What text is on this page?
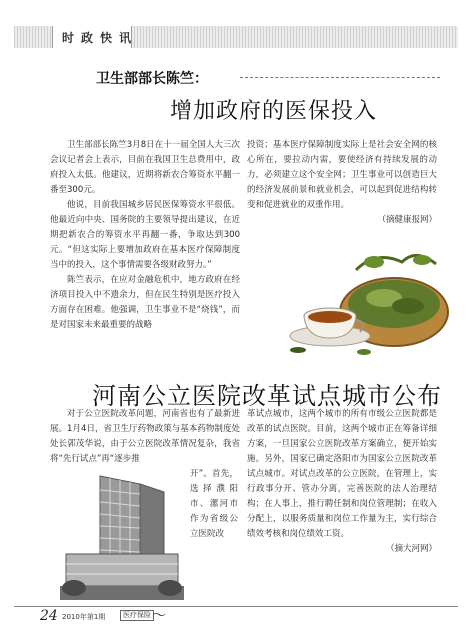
时政快讯
卫生部部长陈竺：
增加政府的医保投入

卫生部部长陈竺3月8日在十一届全国人大三次会议记者会上表示，目前在我国卫生总费用中，政府投入太低。他建议，近期将新农合筹资水平翻一番至300元。

他说，目前我国城乡居民医保筹资水平很低。他最近向中央、国务院的主要领导提出建议，在近期把新农合的筹资水平再翻一番，争取达到300元。“但这实际上要增加政府在基本医疗保障制度当中的投入，这个事情需要各级财政努力。”

陈竺表示，在应对金融危机中，地方政府在经济项目投入中不遗余力，但在民生特别是医疗投入方面存在困难。他强调，卫生事业不是“烧钱”，而是对国家未来最重要的战略

投资；基本医疗保障制度实际上是社会安全网的核心所在，要拉动内需，要使经济有持续发展的动力，必须建立这个安全网；卫生事业可以创造巨大的经济发展前景和就业机会，可以起到促进结构转变和促进就业的双重作用。

（摘健康报网）
河南公立医院改革试点城市公布

对于公立医院改革问题，河南省也有了最新进展。1月4日，省卫生厅药物政策与基本药物制度处处长郭茂华说，由于公立医院改革情况复杂，我省将“先行试点”再“逐步推

开”。首先，选择濮阳市、漯河市作为省级公立医院改

革试点城市，这两个城市的所有市级公立医院都是改革的试点医院。目前，这两个城市正在筹备详细方案，一旦国家公立医院改革方案确立，便开始实施。另外，国家已确定洛阳市为国家公立医院改革试点城市。对试点改革的公立医院，在管理上，实行政事分开、管办分离，完善医院的法人治理结构；在人事上，推行聘任制和岗位管理制；在收入分配上，以服务质量和岗位工作量为主，实行综合绩效考核和岗位绩效工资。

（摘大河网）
24 2010年第1期	医疗保险 〜
